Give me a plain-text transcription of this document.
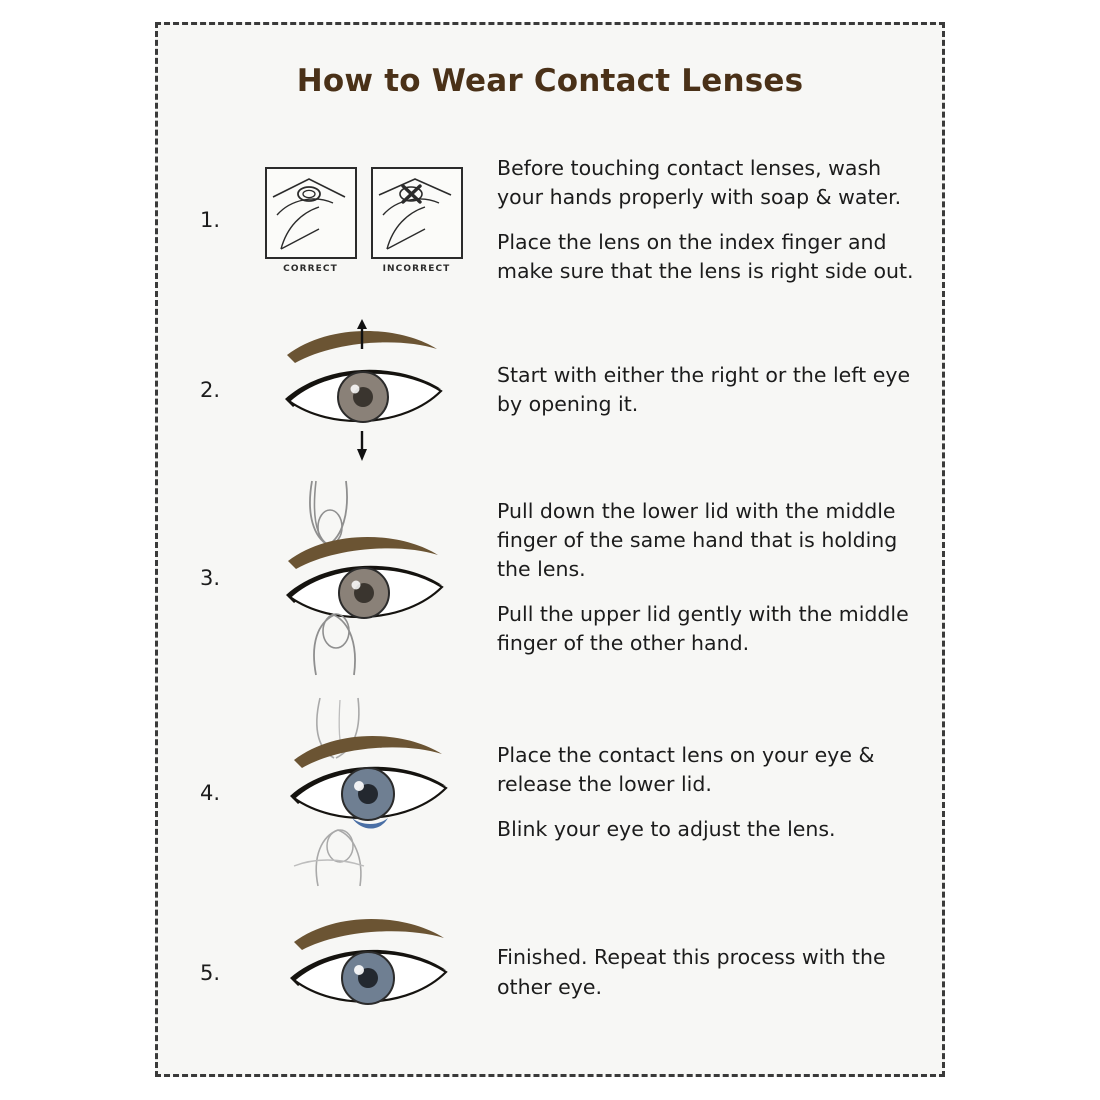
How to Wear Contact Lenses
1.
CORRECT	INCORRECT

Before touching contact lenses, wash your hands properly with soap & water.

Place the lens on the index finger and make sure that the lens is right side out.

2.

Start with either the right or the left eye by opening it.

3.

Pull down the lower lid with the middle finger of the same hand that is holding the lens.

Pull the upper lid gently with the middle finger of the other hand.

4.

Place the contact lens on your eye & release the lower lid.

Blink your eye to adjust the lens.

5.

Finished. Repeat this process with the other eye.
